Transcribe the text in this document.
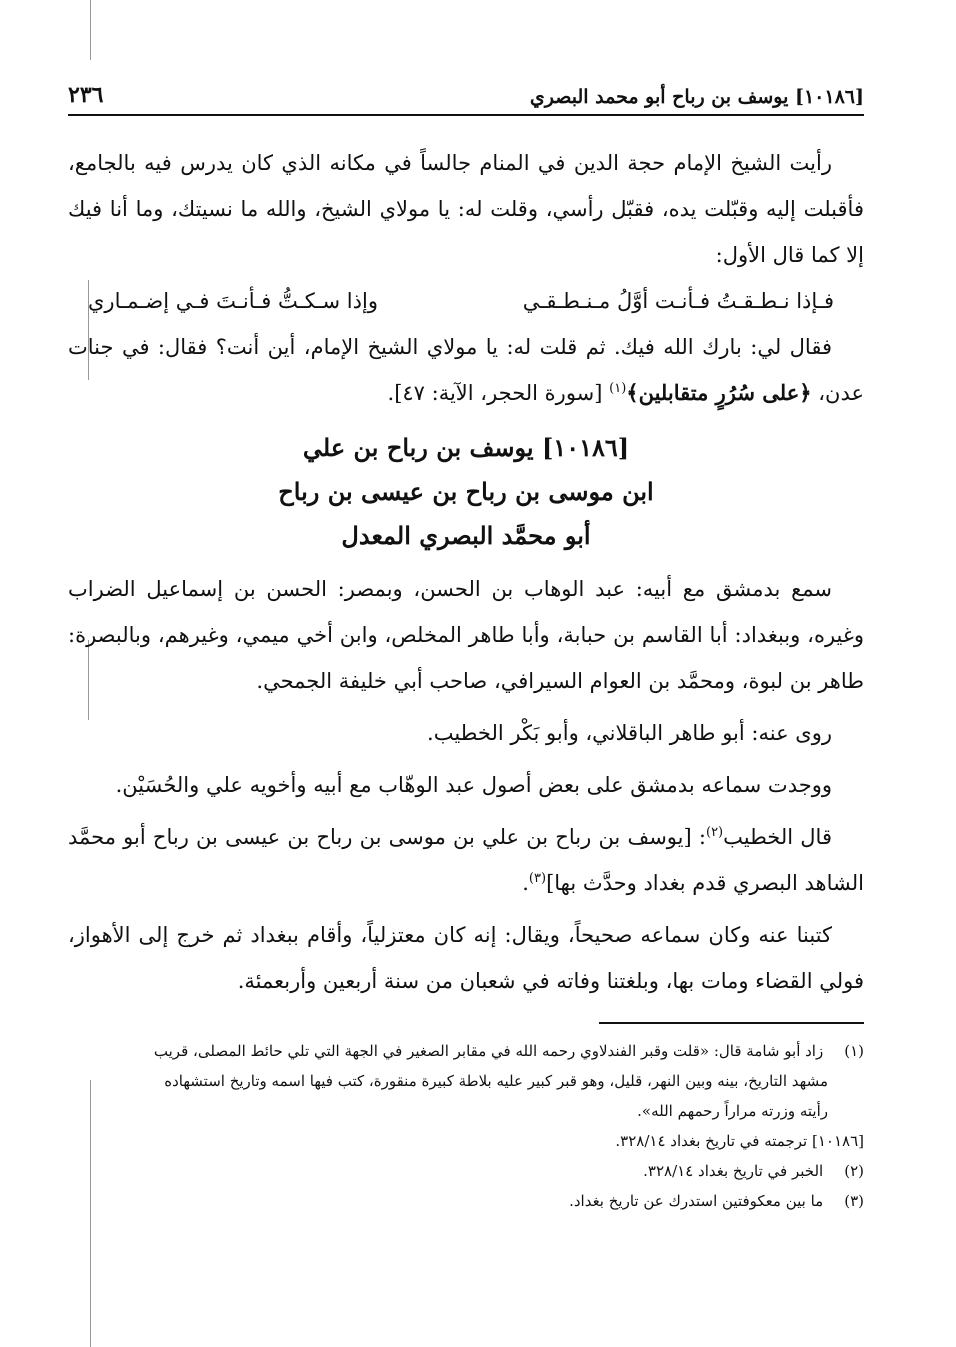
[١٠١٨٦] يوسف بن رباح أبو محمد البصري
٢٣٦

رأيت الشيخ الإمام حجة الدين في المنام جالساً في مكانه الذي كان يدرس فيه بالجامع، فأقبلت إليه وقبّلت يده، فقبّل رأسي، وقلت له: يا مولاي الشيخ، والله ما نسيتك، وما أنا فيك إلا كما قال الأول:

فـإذا نـطـقـتُ فـأنـت أوَّلُ مـنـطـقـي
وإذا سـكـتُّ فـأنـتَ فـي إضـمـاري

فقال لي: بارك الله فيك. ثم قلت له: يا مولاي الشيخ الإمام، أين أنت؟ فقال: في جنات عدن، ﴿على سُرُرٍ متقابلين﴾$^{(١)}$ [سورة الحجر، الآية: ٤٧].

[١٠١٨٦] يوسف بن رباح بن علي
ابن موسى بن رباح بن عيسى بن رباح
أبو محمَّد البصري المعدل

سمع بدمشق مع أبيه: عبد الوهاب بن الحسن، وبمصر: الحسن بن إسماعيل الضراب وغيره، وببغداد: أبا القاسم بن حبابة، وأبا طاهر المخلص، وابن أخي ميمي، وغيرهم، وبالبصرة: طاهر بن لبوة، ومحمَّد بن العوام السيرافي، صاحب أبي خليفة الجمحي.

روى عنه: أبو طاهر الباقلاني، وأبو بَكْر الخطيب.

ووجدت سماعه بدمشق على بعض أصول عبد الوهّاب مع أبيه وأخويه علي والحُسَيْن.

قال الخطيب$^{(٢)}$: [يوسف بن رباح بن علي بن موسى بن رباح بن عيسى بن رباح أبو محمَّد الشاهد البصري قدم بغداد وحدَّث بها]$^{(٣)}$.

كتبنا عنه وكان سماعه صحيحاً، ويقال: إنه كان معتزلياً، وأقام ببغداد ثم خرج إلى الأهواز، فولي القضاء ومات بها، وبلغتنا وفاته في شعبان من سنة أربعين وأربعمئة.

(١) زاد أبو شامة قال: «قلت وقبر الفندلاوي رحمه الله في مقابر الصغير في الجهة التي تلي حائط المصلى، قريب

مشهد التاريخ، بينه وبين النهر، قليل، وهو قبر كبير عليه بلاطة كبيرة منقورة، كتب فيها اسمه وتاريخ استشهاده

رأيته وزرته مراراً رحمهم الله».

[١٠١٨٦] ترجمته في تاريخ بغداد ٣٢٨/١٤.

(٢) الخبر في تاريخ بغداد ٣٢٨/١٤.

(٣) ما بين معكوفتين استدرك عن تاريخ بغداد.
